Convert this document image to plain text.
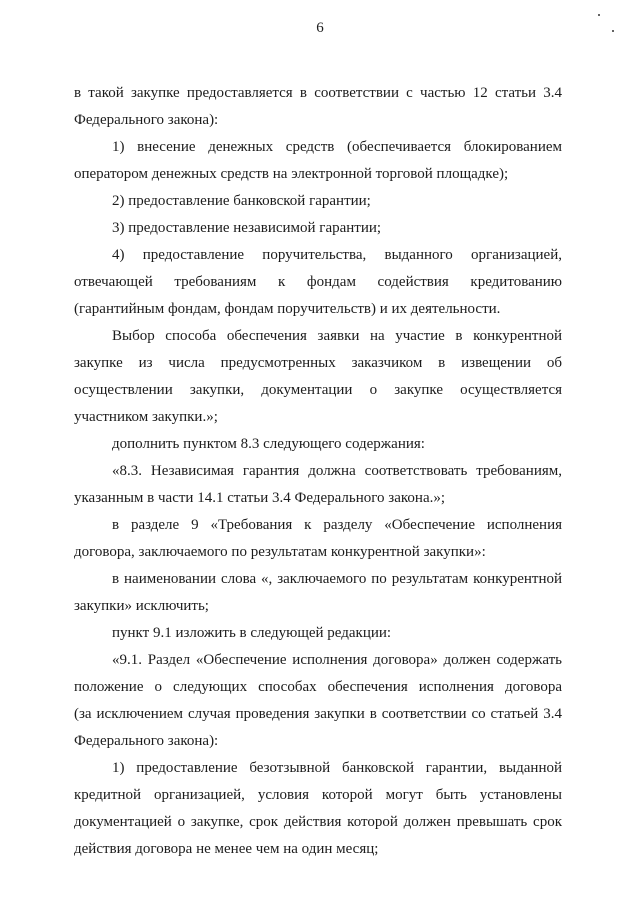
6

в такой закупке предоставляется в соответствии с частью 12 статьи 3.4

Федерального закона):

1) внесение денежных средств (обеспечивается блокированием

оператором денежных средств на электронной торговой площадке);

2) предоставление банковской гарантии;

3) предоставление независимой гарантии;

4) предоставление поручительства, выданного организацией,

отвечающей требованиям к фондам содействия кредитованию

(гарантийным фондам, фондам поручительств) и их деятельности.

Выбор способа обеспечения заявки на участие в конкурентной

закупке из числа предусмотренных заказчиком в извещении об

осуществлении закупки, документации о закупке осуществляется

участником закупки.»;

дополнить пунктом 8.3 следующего содержания:

«8.3. Независимая гарантия должна соответствовать требованиям,

указанным в части 14.1 статьи 3.4 Федерального закона.»;

в разделе 9 «Требования к разделу «Обеспечение исполнения

договора, заключаемого по результатам конкурентной закупки»:

в наименовании слова «, заключаемого по результатам конкурентной

закупки» исключить;

пункт 9.1 изложить в следующей редакции:

«9.1. Раздел «Обеспечение исполнения договора» должен содержать

положение о следующих способах обеспечения исполнения договора

(за исключением случая проведения закупки в соответствии со статьей 3.4

Федерального закона):

1) предоставление безотзывной банковской гарантии, выданной

кредитной организацией, условия которой могут быть установлены

документацией о закупке, срок действия которой должен превышать срок

действия договора не менее чем на один месяц;
